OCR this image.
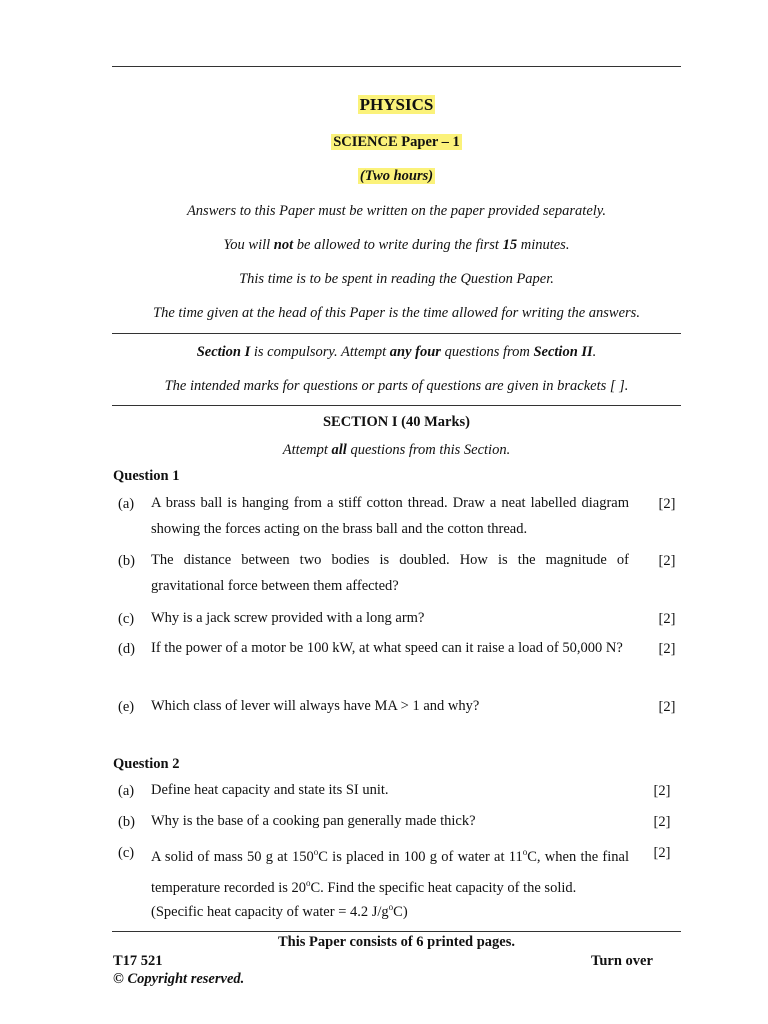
PHYSICS
SCIENCE Paper – 1
(Two hours)
Answers to this Paper must be written on the paper provided separately.
You will not be allowed to write during the first 15 minutes.
This time is to be spent in reading the Question Paper.
The time given at the head of this Paper is the time allowed for writing the answers.
Section I is compulsory. Attempt any four questions from Section II.
The intended marks for questions or parts of questions are given in brackets [ ].
SECTION I (40 Marks)
Attempt all questions from this Section.
Question 1
(a) A brass ball is hanging from a stiff cotton thread. Draw a neat labelled diagram showing the forces acting on the brass ball and the cotton thread.
[2]
(b) The distance between two bodies is doubled. How is the magnitude of gravitational force between them affected?
[2]
(c) Why is a jack screw provided with a long arm?	[2]
(d) If the power of a motor be 100 kW, at what speed can it raise a load of 50,000 N?	[2]
(e) Which class of lever will always have MA > 1 and why?	[2]
Question 2
(a) Define heat capacity and state its SI unit.	[2]
(b) Why is the base of a cooking pan generally made thick?	[2]
(c) A solid of mass 50 g at 150$^o$C is placed in 100 g of water at 11$^o$C, when the final temperature recorded is 20$^o$C. Find the specific heat capacity of the solid.
[2]
(Specific heat capacity of water = 4.2 $J/g^oC$)
This Paper consists of 6 printed pages.
T17 521	Turn over
© Copyright reserved.
